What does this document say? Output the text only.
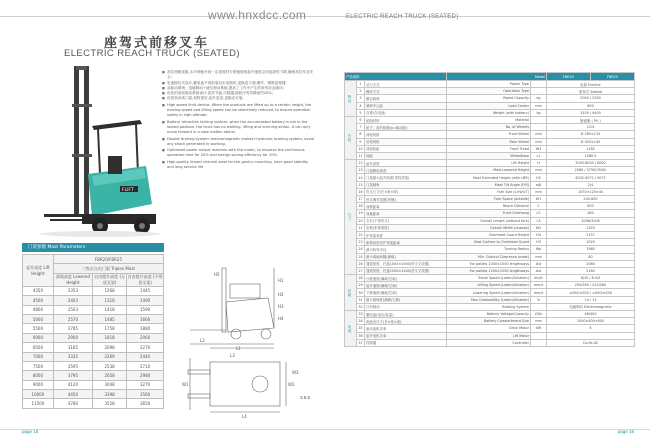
www.hnxdcc.com	ELECTRIC REACH TRUCK (SEATED)
座驾式前移叉车
ELECTRIC REACH TRUCK (SEATED)
FLIFT
■ 高位两级视重,水平伸缩升到一定高度时行驶速度和起升速度会同选择性下降,确保高空作业安全;
■ 电池侧拉式设计,蓄电池不再依靠拉出电瓶时,更换更方便,操作、维修更便捷;
■ 双驱动系统、电磁制动+液压制动系统,提高了工作中产生的所有冲击破坏;
■ 优化的油泵驱动系统设计,高效节能,可超越,能耗可有效降低约20%;
■ 优质高举高门架,视野更好,起升更高,更稳定可靠。
■ High speed limit device: When the products are lifted up to a certain height, the moving speed and lifting speed can be selectively reduced, to ensure operation safety in high altitude.
■ Battery retraction locking system: when the accumulated battery is not in the locked position, the truck has no walking, lifting and inclining action. It can only move forward in a slow motion status.
■ Double braking system: electromagnetic brakes+hydraulic braking system, avoid any shock generated in working.
■ Optimized power output matches with the motor, to improve the continuous operation time for 20% and energy-saving efficiency for 10%.
■ High-quality import channel steel for the gantry mounting, have good stability and long service life
门架参数 Mast Parameters
起升高度 Lift Height	FBR20/FBR25		
	三级全自由门架 Triplex Mast		
	落地高度 Lowered Height	自由提升高度 (无货叉架)	自由提升高度 (不带货叉架)
4350	2353	1268	1445
4500	2403	1318	1490
4800	2503	1418	1590
5000	2570	1485	1660
5500	2785	1758	1880
6000	2900	1818	2060
6500	3185	2098	2270
7000	3335	2269	2440
7500	3595	2538	2710
8000	3795	2658	2980
9000	4120	3048	3270
10000	4450	3398	3560
11500	4780	3528	3650
L1
L2
L3
L4
W1	W2
W3
H1
H2
H3
H4
H5
3.5.6
产品规格			Model		FBR20	FBR25
特征	1	动力方式	Power Type		电源 Electric	
	2	操作方式	Operation Type		座驾式 Seated	
	3	额定载荷	Rated Capacity	kg	2000 / 2500	
	4	载荷中心距	Load Center	mm	600	
	5	自重(含电池)	Weight (with battery)	kg	3100 / 4400	
车轮	6	轮胎材料	Material		聚氨酯 ( PU )	
	7	轮子、前后轮数(x=驱动轮)	No. of Wheels		2/1X	
	8	前轮规格	Front Wheel	mm	Ø 285×125	
	9	后轮规格	Rear Wheel	mm	Ø 343×140	
	10	前轮轮距	Front Tread	W3	1185	
	11	轴距	Wheelbase	L1	1580.5	
尺寸	12	起升高度	Lift Height	H	3000-8000 / 8000	
	13	门架降低高度	Mast Lowered Height	mm	2080 / 3790(3500)	
	14	门架最大起升高度(带挡货架)	Mast Extended Height (with LBR)	H2	4032-9072 / 9072	
	15	门架倾角	Mast Tilt Angle (F/R)	α/β	2/4	
	16	货叉尺寸(长×宽×厚)	Fork Size (L×W×T)	mm	1070×120×40	
	17	货叉调节范围(外侧)	Fork Space (outside)	W1	240-800	
	18	前移距离	Reach Distance	C	600	
	19	前悬距离	Front Overhang	L2	280	
	20	全长(不带货叉)	Overall Length (without fork)	L3	2098/3208	
	21	全宽(车体宽度)	Overall Width (chassis)	W2	1320	
	22	护顶架高度	Overhead Guard Height	H4	2157	
	23	座椅高度至护顶架距离	Seat Surface to Overhead Guard	H3	1025	
	24	最小转弯半径	Turning Radius	Wa	1980	
	25	最小离地间隙(满载)	Min. Ground Clearance (mast)	mm	80	
	26	通道宽度、托盘1000×1000(货叉叉放置)	For pallets 1000×1000 lengthways	Ast	2080	
	27	通道宽度、托盘1200×1200(货叉叉放置)	For pallets 1200×1200 lengthways	Ast	2180	
性能	28	行驶速度(满载/空载)	Travel Speed (Laden/Unladen)	km/h	8/10 / 8.5/9	
	29	起升速度(满载/空载)	Lifting Speed (Laden/Unladen)	mm/s	250/280 / 220/280	
	30	下降速度(满载/空载)	Lowering Speed (Laden/Unladen)	mm/s	≤450/≤500 / ≤450/≤500	
	31	最大爬坡度(满载/空载)	Max Gradeability (Laden/Unladen)	%	10 / 13	
	32	行车制动	Braking System		电磁制动 Electromagnetic	
电池	33	蓄电池(电压/容量)	Battery Voltage/Capacity	V/Ah	48/400	
	34	电池仓尺寸(长×宽×高)	Battery Compartment Size	mm	1000×400×600	
	35	驱动电机功率	Drive Motor	kW	6	
	36	起升电机功率	Lift Motor			
	37	控制器	Controller		Curtis AC	
page 15	page 16
